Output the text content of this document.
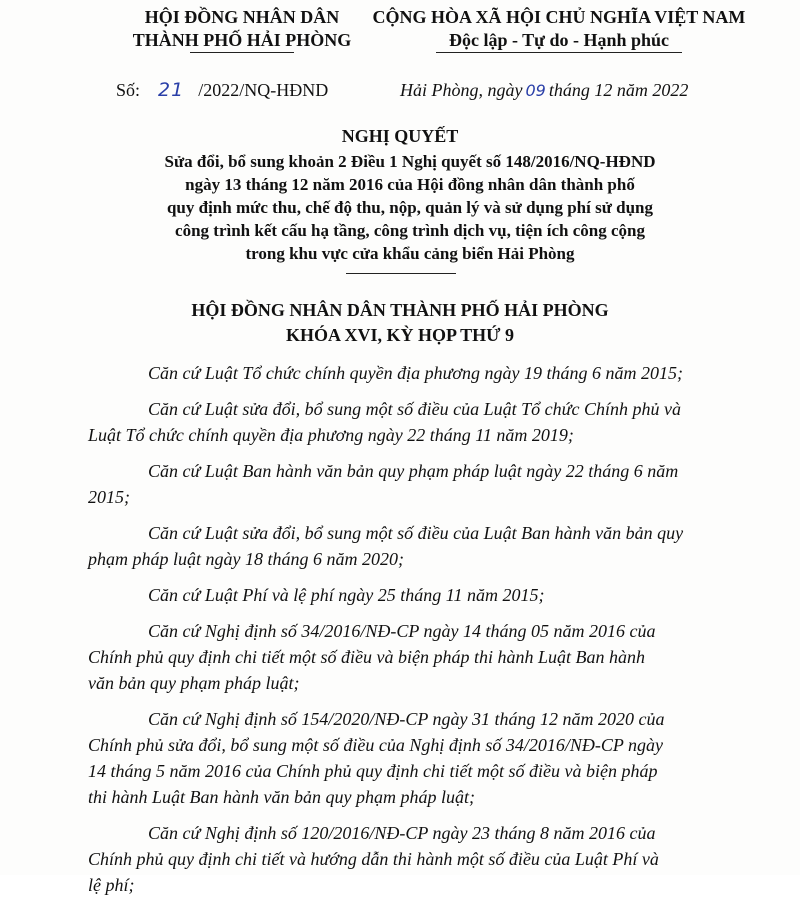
HỘI ĐỒNG NHÂN DÂN
THÀNH PHỐ HẢI PHÒNG
CỘNG HÒA XÃ HỘI CHỦ NGHĨA VIỆT NAM
Độc lập - Tự do - Hạnh phúc
Số: 21 /2022/NQ-HĐND	Hải Phòng, ngày 09 tháng 12 năm 2022
NGHỊ QUYẾT
Sửa đổi, bổ sung khoản 2 Điều 1 Nghị quyết số 148/2016/NQ-HĐND
ngày 13 tháng 12 năm 2016 của Hội đồng nhân dân thành phố
quy định mức thu, chế độ thu, nộp, quản lý và sử dụng phí sử dụng
công trình kết cấu hạ tầng, công trình dịch vụ, tiện ích công cộng
trong khu vực cửa khẩu cảng biển Hải Phòng
HỘI ĐỒNG NHÂN DÂN THÀNH PHỐ HẢI PHÒNG
KHÓA XVI, KỲ HỌP THỨ 9
Căn cứ Luật Tổ chức chính quyền địa phương ngày 19 tháng 6 năm 2015;
Căn cứ Luật sửa đổi, bổ sung một số điều của Luật Tổ chức Chính phủ và
Luật Tổ chức chính quyền địa phương ngày 22 tháng 11 năm 2019;
Căn cứ Luật Ban hành văn bản quy phạm pháp luật ngày 22 tháng 6 năm
2015;
Căn cứ Luật sửa đổi, bổ sung một số điều của Luật Ban hành văn bản quy
phạm pháp luật ngày 18 tháng 6 năm 2020;
Căn cứ Luật Phí và lệ phí ngày 25 tháng 11 năm 2015;
Căn cứ Nghị định số 34/2016/NĐ-CP ngày 14 tháng 05 năm 2016 của
Chính phủ quy định chi tiết một số điều và biện pháp thi hành Luật Ban hành
văn bản quy phạm pháp luật;
Căn cứ Nghị định số 154/2020/NĐ-CP ngày 31 tháng 12 năm 2020 của
Chính phủ sửa đổi, bổ sung một số điều của Nghị định số 34/2016/NĐ-CP ngày
14 tháng 5 năm 2016 của Chính phủ quy định chi tiết một số điều và biện pháp
thi hành Luật Ban hành văn bản quy phạm pháp luật;
Căn cứ Nghị định số 120/2016/NĐ-CP ngày 23 tháng 8 năm 2016 của
Chính phủ quy định chi tiết và hướng dẫn thi hành một số điều của Luật Phí và
lệ phí;
